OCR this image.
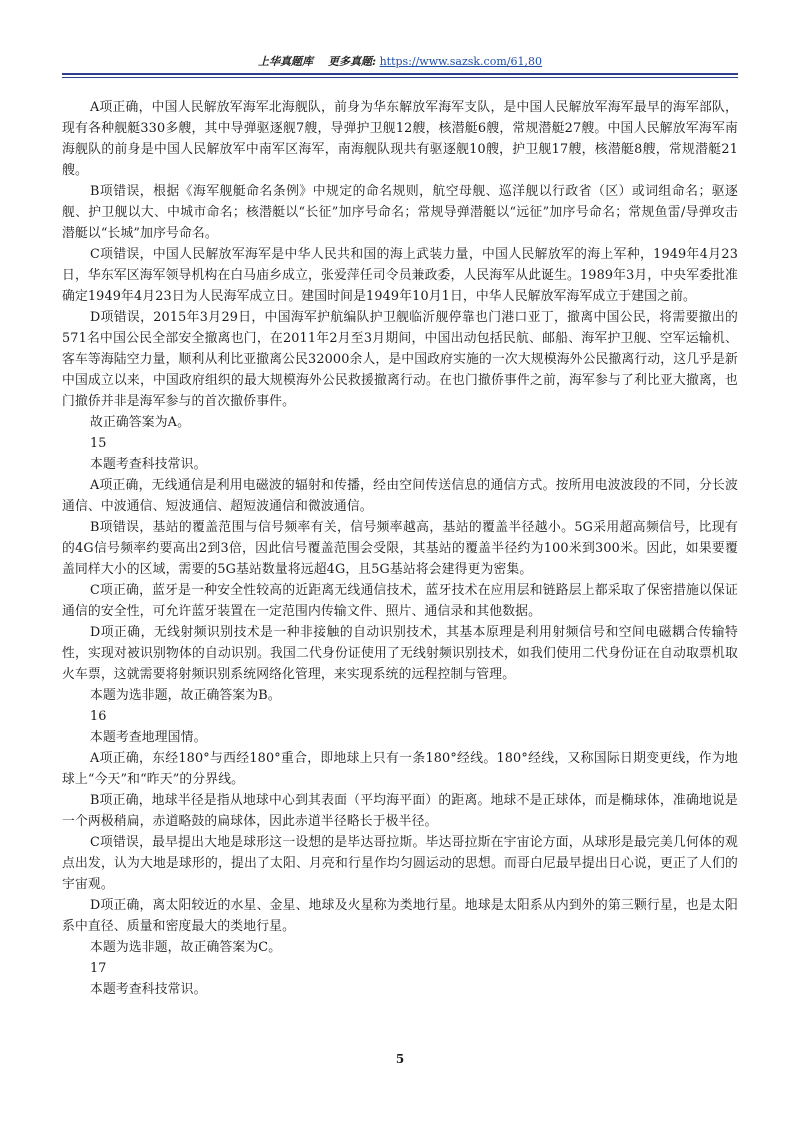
上华真题库 更多真题: https://www.sazsk.com/61,80

A项正确，中国人民解放军海军北海舰队，前身为华东解放军海军支队，是中国人民解放军海军最早的海军部队，现有各种舰艇330多艘，其中导弹驱逐舰7艘，导弹护卫舰12艘，核潜艇6艘，常规潜艇27艘。中国人民解放军海军南海舰队的前身是中国人民解放军中南军区海军，南海舰队现共有驱逐舰10艘，护卫舰17艘，核潜艇8艘，常规潜艇21艘。

B项错误，根据《海军舰艇命名条例》中规定的命名规则，航空母舰、巡洋舰以行政省（区）或词组命名；驱逐舰、护卫舰以大、中城市命名；核潜艇以“长征”加序号命名；常规导弹潜艇以“远征”加序号命名；常规鱼雷/导弹攻击潜艇以“长城”加序号命名。

C项错误，中国人民解放军海军是中华人民共和国的海上武装力量，中国人民解放军的海上军种，1949年4月23日，华东军区海军领导机构在白马庙乡成立，张爱萍任司令员兼政委，人民海军从此诞生。1989年3月，中央军委批准确定1949年4月23日为人民海军成立日。建国时间是1949年10月1日，中华人民解放军海军成立于建国之前。

D项错误，2015年3月29日，中国海军护航编队护卫舰临沂舰停靠也门港口亚丁，撤离中国公民，将需要撤出的571名中国公民全部安全撤离也门，在2011年2月至3月期间，中国出动包括民航、邮船、海军护卫舰、空军运输机、客车等海陆空力量，顺利从利比亚撤离公民32000余人，是中国政府实施的一次大规模海外公民撤离行动，这几乎是新中国成立以来，中国政府组织的最大规模海外公民救援撤离行动。在也门撤侨事件之前，海军参与了利比亚大撤离，也门撤侨并非是海军参与的首次撤侨事件。

故正确答案为A。

15

本题考查科技常识。

A项正确，无线通信是利用电磁波的辐射和传播，经由空间传送信息的通信方式。按所用电波波段的不同，分长波通信、中波通信、短波通信、超短波通信和微波通信。

B项错误，基站的覆盖范围与信号频率有关，信号频率越高，基站的覆盖半径越小。5G采用超高频信号，比现有的4G信号频率约要高出2到3倍，因此信号覆盖范围会受限，其基站的覆盖半径约为100米到300米。因此，如果要覆盖同样大小的区域，需要的5G基站数量将远超4G，且5G基站将会建得更为密集。

C项正确，蓝牙是一种安全性较高的近距离无线通信技术，蓝牙技术在应用层和链路层上都采取了保密措施以保证通信的安全性，可允许蓝牙装置在一定范围内传输文件、照片、通信录和其他数据。

D项正确，无线射频识别技术是一种非接触的自动识别技术，其基本原理是利用射频信号和空间电磁耦合传输特性，实现对被识别物体的自动识别。我国二代身份证使用了无线射频识别技术，如我们使用二代身份证在自动取票机取火车票，这就需要将射频识别系统网络化管理，来实现系统的远程控制与管理。

本题为选非题，故正确答案为B。

16

本题考查地理国情。

A项正确，东经180°与西经180°重合，即地球上只有一条180°经线。180°经线，又称国际日期变更线，作为地球上“今天”和“昨天”的分界线。

B项正确，地球半径是指从地球中心到其表面（平均海平面）的距离。地球不是正球体，而是椭球体，准确地说是一个两极稍扁，赤道略鼓的扁球体，因此赤道半径略长于极半径。

C项错误，最早提出大地是球形这一设想的是毕达哥拉斯。毕达哥拉斯在宇宙论方面，从球形是最完美几何体的观点出发，认为大地是球形的，提出了太阳、月亮和行星作均匀圆运动的思想。而哥白尼最早提出日心说，更正了人们的宇宙观。

D项正确，离太阳较近的水星、金星、地球及火星称为类地行星。地球是太阳系从内到外的第三颗行星，也是太阳系中直径、质量和密度最大的类地行星。

本题为选非题，故正确答案为C。

17

本题考查科技常识。

5
